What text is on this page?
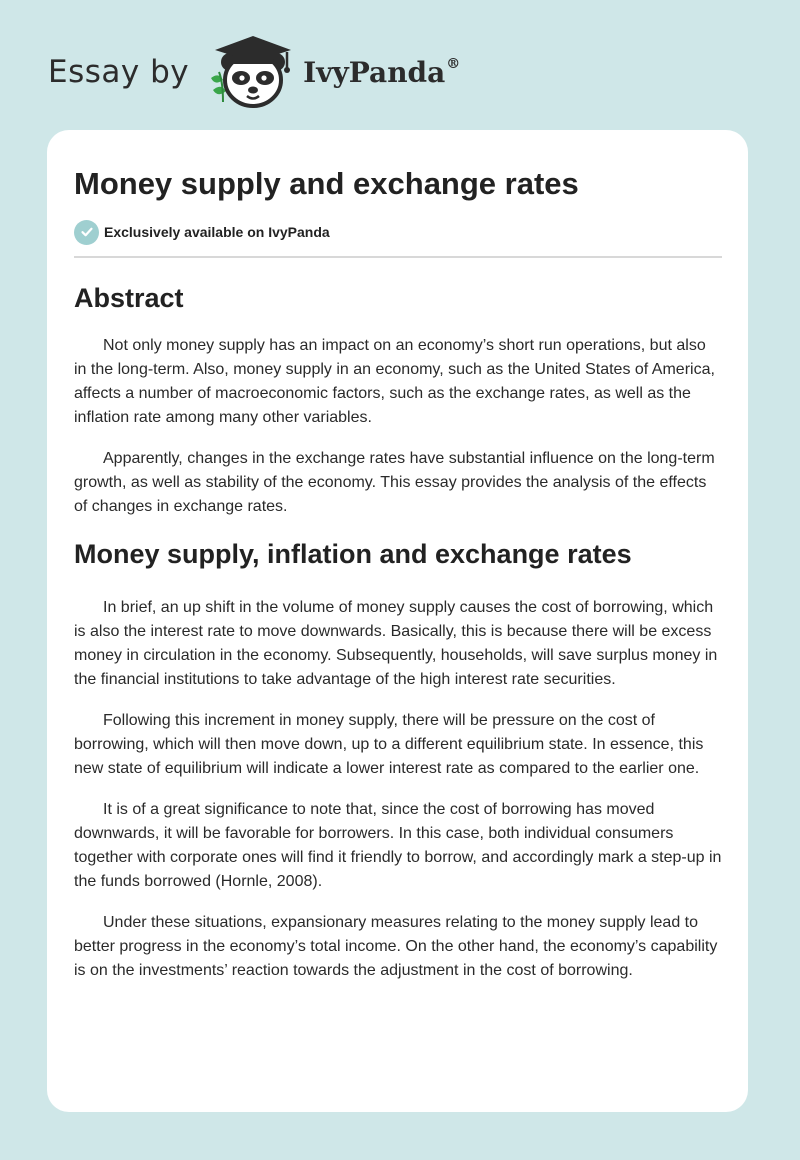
Essay by	IvyPanda®
Money supply and exchange rates
Exclusively available on IvyPanda
Abstract

Not only money supply has an impact on an economy’s short run operations, but also in the long-term. Also, money supply in an economy, such as the United States of America, affects a number of macroeconomic factors, such as the exchange rates, as well as the inflation rate among many other variables.

Apparently, changes in the exchange rates have substantial influence on the long-term growth, as well as stability of the economy. This essay provides the analysis of the effects of changes in exchange rates.

Money supply, inflation and exchange rates

In brief, an up shift in the volume of money supply causes the cost of borrowing, which is also the interest rate to move downwards. Basically, this is because there will be excess money in circulation in the economy. Subsequently, households, will save surplus money in the financial institutions to take advantage of the high interest rate securities.

Following this increment in money supply, there will be pressure on the cost of borrowing, which will then move down, up to a different equilibrium state. In essence, this new state of equilibrium will indicate a lower interest rate as compared to the earlier one.

It is of a great significance to note that, since the cost of borrowing has moved downwards, it will be favorable for borrowers. In this case, both individual consumers together with corporate ones will find it friendly to borrow, and accordingly mark a step-up in the funds borrowed (Hornle, 2008).

Under these situations, expansionary measures relating to the money supply lead to better progress in the economy’s total income. On the other hand, the economy’s capability is on the investments’ reaction towards the adjustment in the cost of borrowing.
